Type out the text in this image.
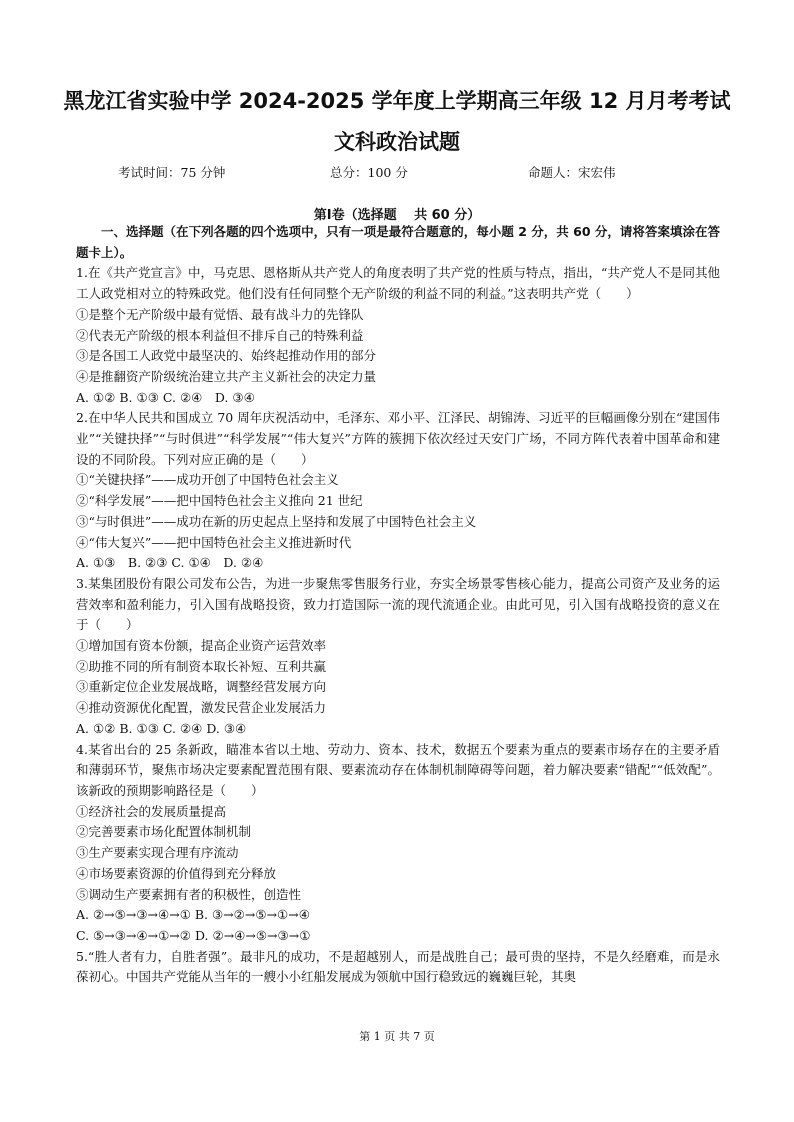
黑龙江省实验中学 2024-2025 学年度上学期高三年级 12 月月考考试
文科政治试题
考试时间：75 分钟	总分：100 分	命题人：宋宏伟
第Ⅰ卷（选择题　 共 60 分）

一、选择题（在下列各题的四个选项中，只有一项是最符合题意的，每小题 2 分，共 60 分，请将答案填涂在答题卡上）。

1.在《共产党宣言》中，马克思、恩格斯从共产党人的角度表明了共产党的性质与特点，指出，“共产党人不是同其他工人政党相对立的特殊政党。他们没有任何同整个无产阶级的利益不同的利益。”这表明共产党（　　）

①是整个无产阶级中最有觉悟、最有战斗力的先锋队

②代表无产阶级的根本利益但不排斥自己的特殊利益

③是各国工人政党中最坚决的、始终起推动作用的部分

④是推翻资产阶级统治建立共产主义新社会的决定力量

A. ①② B. ①③ C. ②④　D. ③④

2.在中华人民共和国成立 70 周年庆祝活动中，毛泽东、邓小平、江泽民、胡锦涛、习近平的巨幅画像分别在“建国伟业”“关键抉择”“与时俱进”“科学发展”“伟大复兴”方阵的簇拥下依次经过天安门广场，不同方阵代表着中国革命和建设的不同阶段。下列对应正确的是（　　）

①“关键抉择”——成功开创了中国特色社会主义

②“科学发展”——把中国特色社会主义推向 21 世纪

③“与时俱进”——成功在新的历史起点上坚持和发展了中国特色社会主义

④“伟大复兴”——把中国特色社会主义推进新时代

A. ①③　B. ②③ C. ①④　D. ②④

3.某集团股份有限公司发布公告，为进一步聚焦零售服务行业，夯实全场景零售核心能力，提高公司资产及业务的运营效率和盈利能力，引入国有战略投资，致力打造国际一流的现代流通企业。由此可见，引入国有战略投资的意义在于（　　）

①增加国有资本份额，提高企业资产运营效率

②助推不同的所有制资本取长补短、互利共赢

③重新定位企业发展战略，调整经营发展方向

④推动资源优化配置，激发民营企业发展活力

A. ①② B. ①③ C. ②④ D. ③④

4.某省出台的 25 条新政，瞄准本省以土地、劳动力、资本、技术，数据五个要素为重点的要素市场存在的主要矛盾和薄弱环节，聚焦市场决定要素配置范围有限、要素流动存在体制机制障碍等问题，着力解决要素“错配”“低效配”。该新政的预期影响路径是（　　）

①经济社会的发展质量提高

②完善要素市场化配置体制机制

③生产要素实现合理有序流动

④市场要素资源的价值得到充分释放

⑤调动生产要素拥有者的积极性，创造性

A. ②→⑤→③→④→① B. ③→②→⑤→①→④

C. ⑤→③→④→①→② D. ②→④→⑤→③→①

5.“胜人者有力，自胜者强”。最非凡的成功，不是超越别人，而是战胜自己；最可贵的坚持，不是久经磨难，而是永葆初心。中国共产党能从当年的一艘小小红船发展成为领航中国行稳致远的巍巍巨轮，其奥

第 1 页 共 7 页
